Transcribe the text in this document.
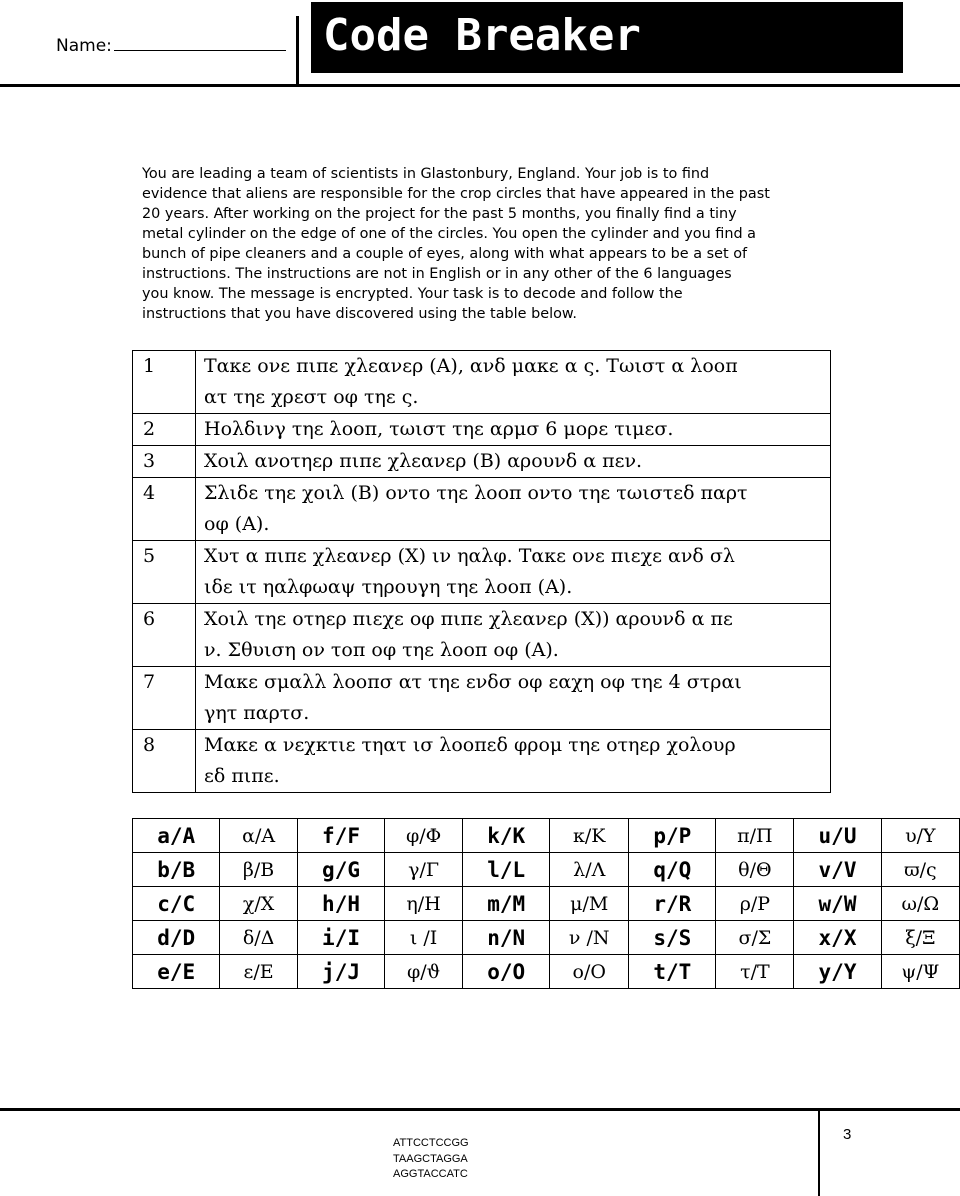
Name:	Code Breaker
You are leading a team of scientists in Glastonbury, England. Your job is to find
evidence that aliens are responsible for the crop circles that have appeared in the past
20 years. After working on the project for the past 5 months, you finally find a tiny
metal cylinder on the edge of one of the circles. You open the cylinder and you find a
bunch of pipe cleaners and a couple of eyes, along with what appears to be a set of
instructions. The instructions are not in English or in any other of the 6 languages
you know. The message is encrypted. Your task is to decode and follow the
instructions that you have discovered using the table below.
1	Τακε ονε πιπε χλεανερ (Α), ανδ μακε α ς. Τωιστ α λοοπ
ατ τηε χρεστ οφ τηε ς.

2	Ηολδινγ τηε λοοπ, τωιστ τηε αρμσ 6 μορε τιμεσ.

3	Χοιλ ανοτηερ πιπε χλεανερ (Β) αρουνδ α πεν.

4	Σλιδε τηε χοιλ (Β) οντο τηε λοοπ οντο τηε τωιστεδ παρτ
οφ (Α).

5	Χυτ α πιπε χλεανερ (Χ) ιν ηαλφ. Τακε ονε πιεχε ανδ σλ
ιδε ιτ ηαλφωαψ τηρουγη τηε λοοπ (Α).

6	Χοιλ τηε οτηερ πιεχε οφ πιπε χλεανερ (Χ)) αρουνδ α πε
ν. Σθυιση ον τοπ οφ τηε λοοπ οφ (Α).

7	Μακε σμαλλ λοοπσ ατ τηε ενδσ οφ εαχη οφ τηε 4 στραι
γητ παρτσ.

8	Μακε α νεχκτιε τηατ ισ λοοπεδ φρομ τηε οτηερ χολουρ
εδ πιπε.
a/A	α/Α	f/F	φ/Φ	k/K	κ/Κ	p/P	π/Π	u/U	υ/Υ
b/B	β/Β	g/G	γ/Γ	l/L	λ/Λ	q/Q	θ/Θ	v/V	ϖ/ς
c/C	χ/Χ	h/H	η/Η	m/M	μ/Μ	r/R	ρ/Ρ	w/W	ω/Ω
d/D	δ/Δ	i/I	ι /Ι	n/N	ν /Ν	s/S	σ/Σ	x/X	ξ/Ξ
e/E	ε/Ε	j/J	φ/ϑ	o/O	ο/Ο	t/T	τ/Τ	y/Y	ψ/Ψ
ATTCCTCCGG
TAAGCTAGGA
AGGTACCATC
3
